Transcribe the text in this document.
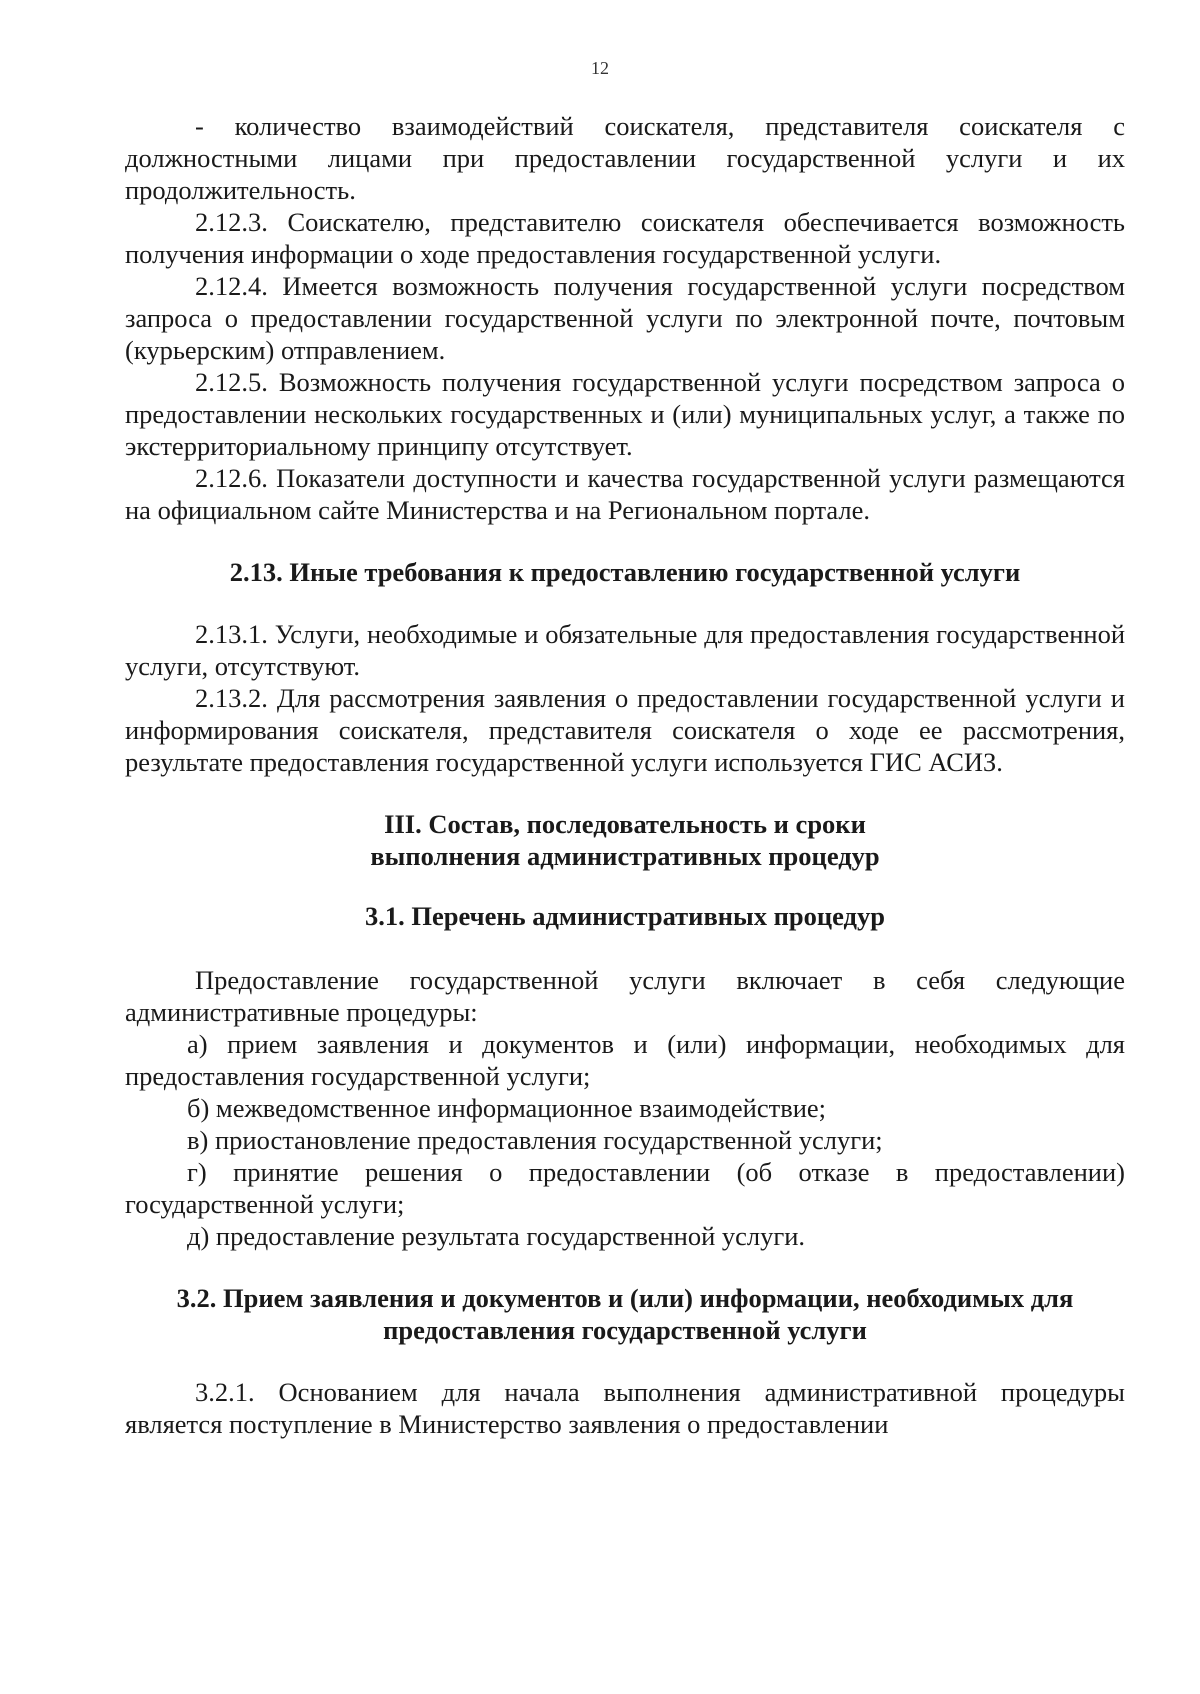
12

- количество взаимодействий соискателя, представителя соискателя с должностными лицами при предоставлении государственной услуги и их продолжительность.

2.12.3. Соискателю, представителю соискателя обеспечивается возможность получения информации о ходе предоставления государственной услуги.

2.12.4. Имеется возможность получения государственной услуги посредством запроса о предоставлении государственной услуги по электронной почте, почтовым (курьерским) отправлением.

2.12.5. Возможность получения государственной услуги посредством запроса о предоставлении нескольких государственных и (или) муниципальных услуг, а также по экстерриториальному принципу отсутствует.

2.12.6. Показатели доступности и качества государственной услуги размещаются на официальном сайте Министерства и на Региональном портале.

2.13. Иные требования к предоставлению государственной услуги

2.13.1. Услуги, необходимые и обязательные для предоставления государственной услуги, отсутствуют.

2.13.2. Для рассмотрения заявления о предоставлении государственной услуги и информирования соискателя, представителя соискателя о ходе ее рассмотрения, результате предоставления государственной услуги используется ГИС АСИЗ.

III. Состав, последовательность и сроки
выполнения административных процедур
3.1. Перечень административных процедур

Предоставление государственной услуги включает в себя следующие административные процедуры:

а) прием заявления и документов и (или) информации, необходимых для предоставления государственной услуги;

б) межведомственное информационное взаимодействие;

в) приостановление предоставления государственной услуги;

г) принятие решения о предоставлении (об отказе в предоставлении) государственной услуги;

д) предоставление результата государственной услуги.

3.2. Прием заявления и документов и (или) информации, необходимых для
предоставления государственной услуги

3.2.1. Основанием для начала выполнения административной процедуры является поступление в Министерство заявления о предоставлении
